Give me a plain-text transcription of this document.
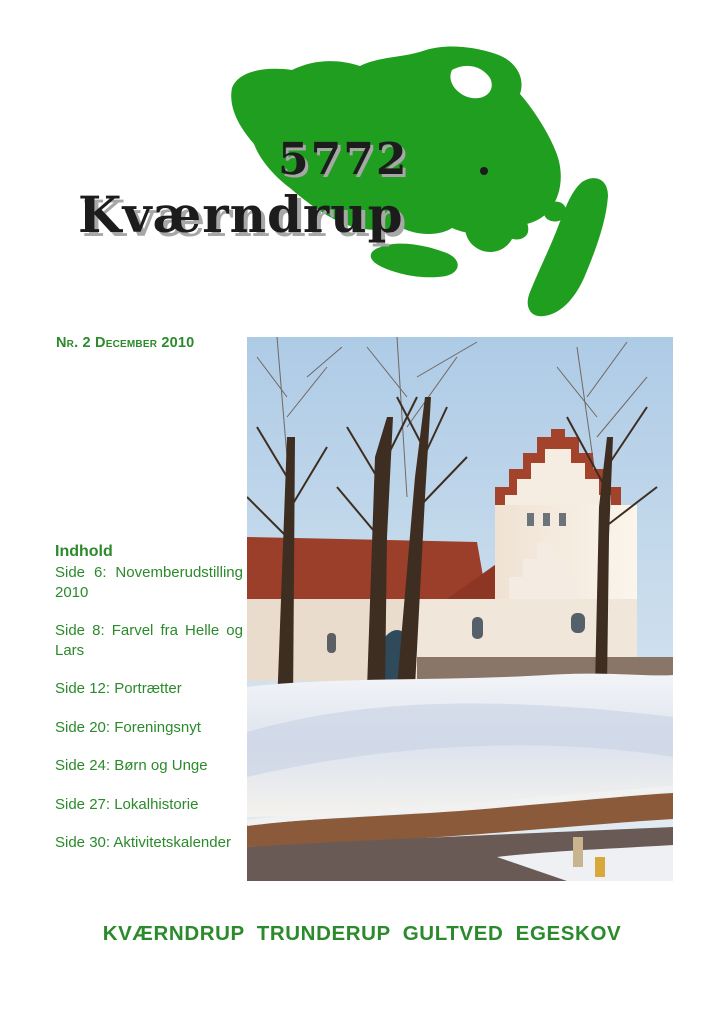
5772
Kværndrup
Nr. 2 December 2010
Indhold
Side 6: Novemberudstilling 2010
Side 8: Farvel fra Helle og Lars
Side 12: Portrætter
Side 20: Foreningsnyt
Side 24: Børn og Unge
Side 27: Lokalhistorie
Side 30: Aktivitetskalender
KVÆRNDRUP TRUNDERUP GULTVED EGESKOV
